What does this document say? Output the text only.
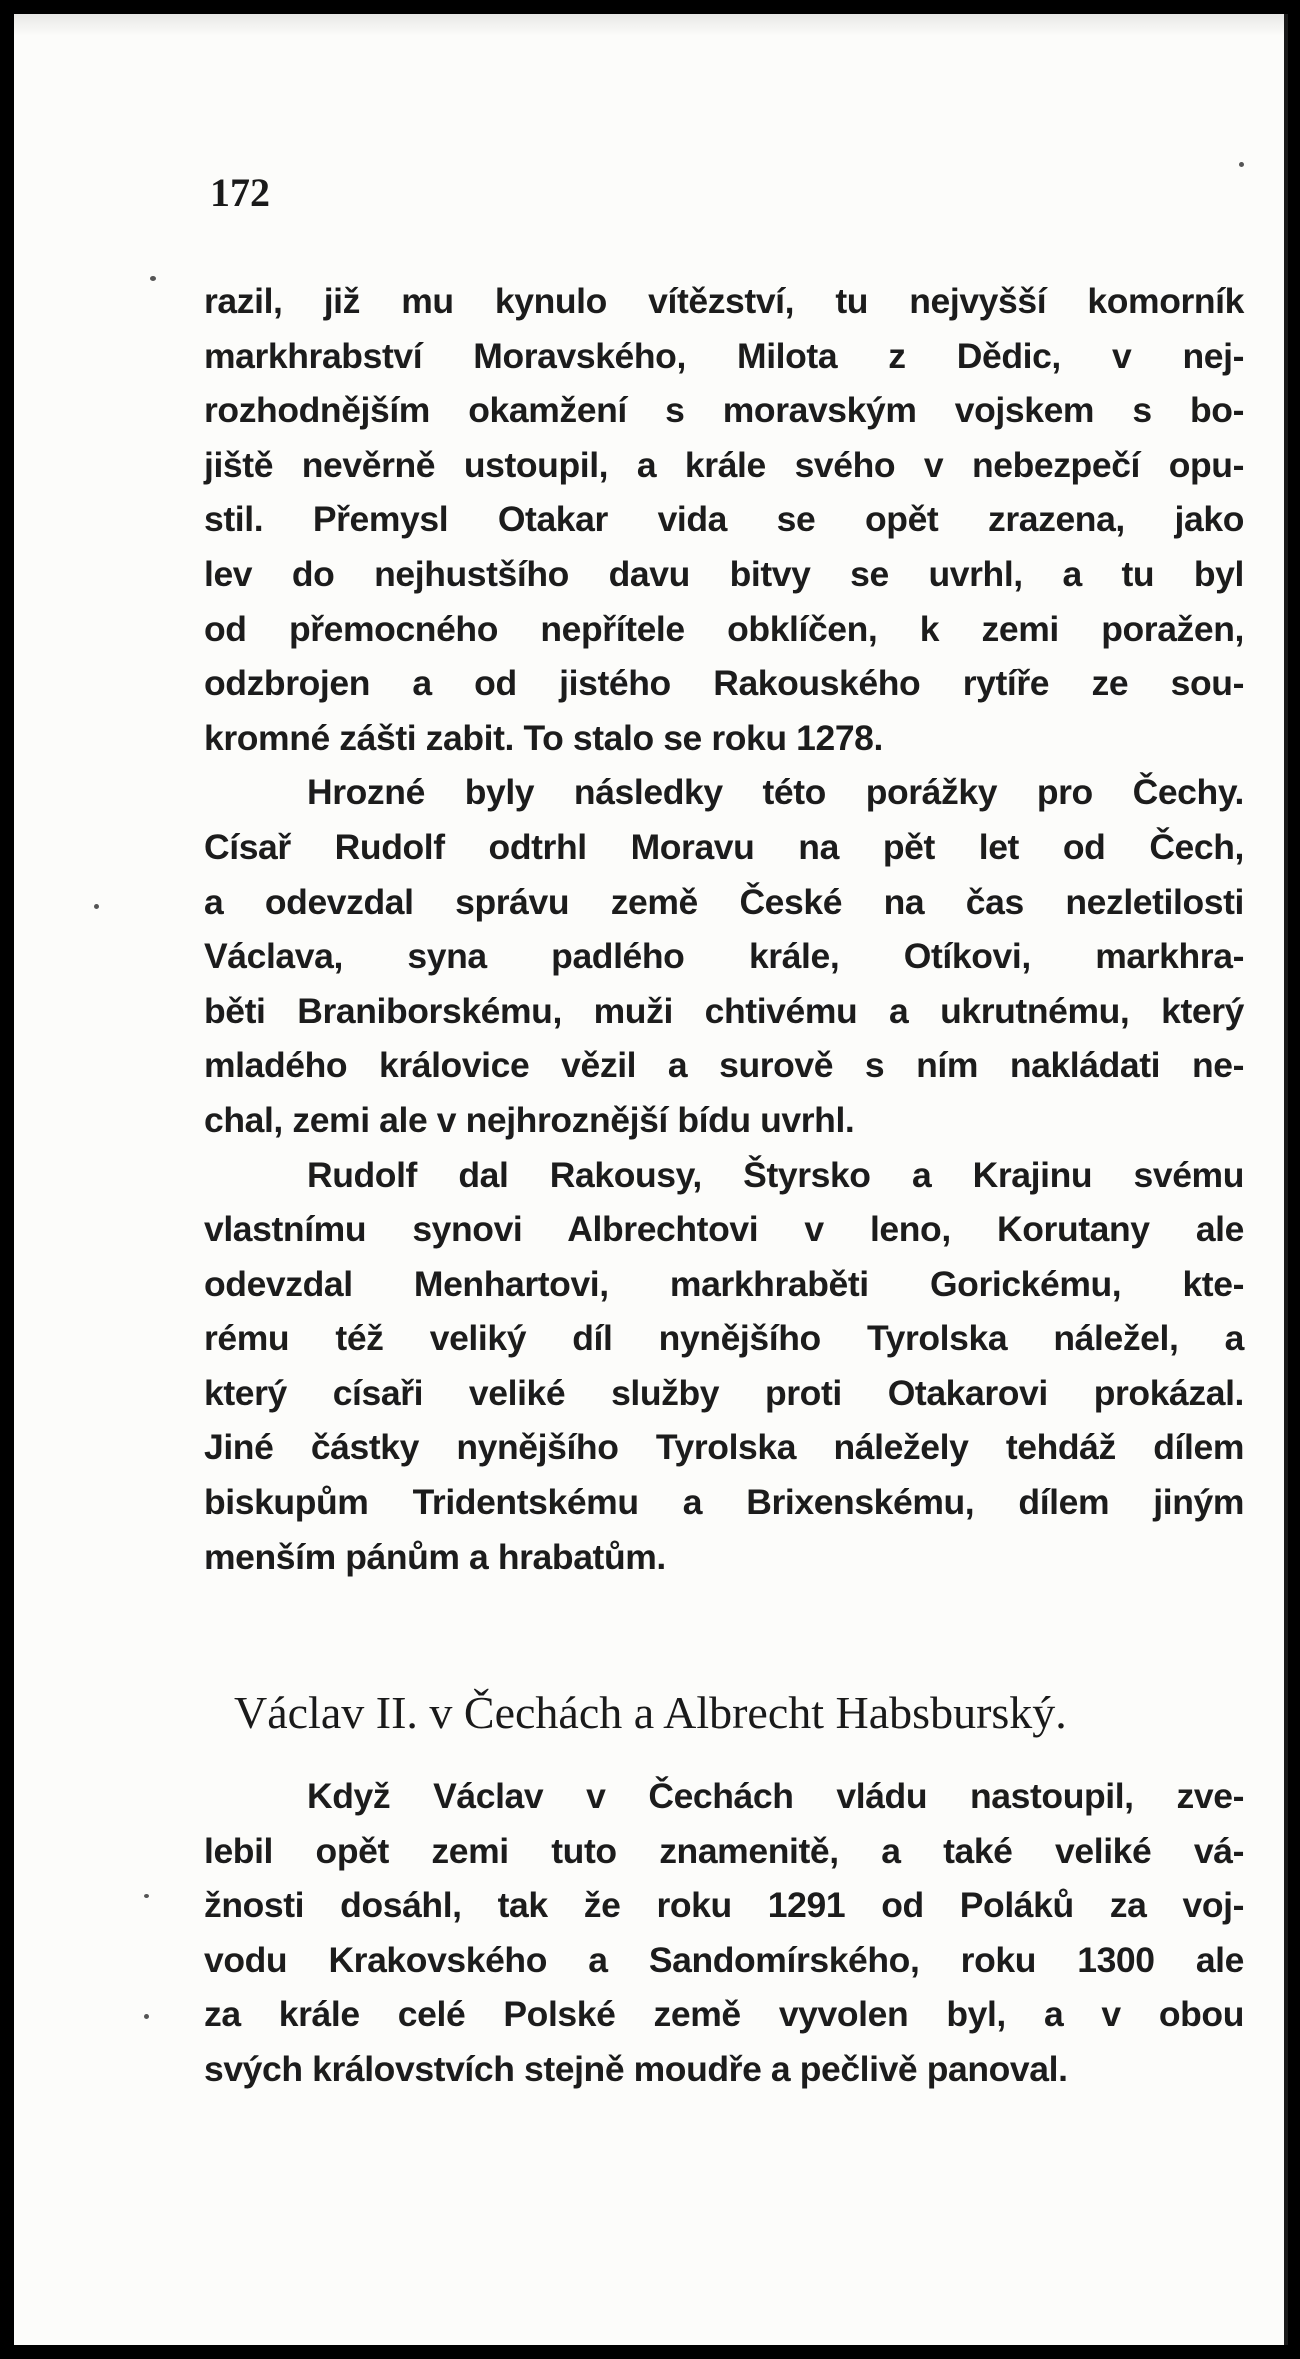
172

razil, již mu kynulo vítězství, tu nejvyšší komorník
markhrabství Moravského, Milota z Dědic, v nej-
rozhodnějším okamžení s moravským vojskem s bo-
jiště nevěrně ustoupil, a krále svého v nebezpečí opu-
stil. Přemysl Otakar vida se opět zrazena, jako
lev do nejhustšího davu bitvy se uvrhl, a tu byl
od přemocného nepřítele obklíčen, k zemi poražen,
odzbrojen a od jistého Rakouského rytíře ze sou-
kromné zášti zabit. To stalo se roku 1278.

Hrozné byly následky této porážky pro Čechy.
Císař Rudolf odtrhl Moravu na pět let od Čech,
a odevzdal správu země České na čas nezletilosti
Václava, syna padlého krále, Otíkovi, markhra-
běti Braniborskému, muži chtivému a ukrutnému, který
mladého královice vězil a surově s ním nakládati ne-
chal, zemi ale v nejhroznější bídu uvrhl.

Rudolf dal Rakousy, Štyrsko a Krajinu svému
vlastnímu synovi Albrechtovi v leno, Korutany ale
odevzdal Menhartovi, markhraběti Gorickému, kte-
rému též veliký díl nynějšího Tyrolska náležel, a
který císaři veliké služby proti Otakarovi prokázal.
Jiné částky nynějšího Tyrolska náležely tehdáž dílem
biskupům Tridentskému a Brixenskému, dílem jiným
menším pánům a hrabatům.

Václav II. v Čechách a Albrecht Habsburský.

Když Václav v Čechách vládu nastoupil, zve-
lebil opět zemi tuto znamenitě, a také veliké vá-
žnosti dosáhl, tak že roku 1291 od Poláků za voj-
vodu Krakovského a Sandomírského, roku 1300 ale
za krále celé Polské země vyvolen byl, a v obou
svých královstvích stejně moudře a pečlivě panoval.
